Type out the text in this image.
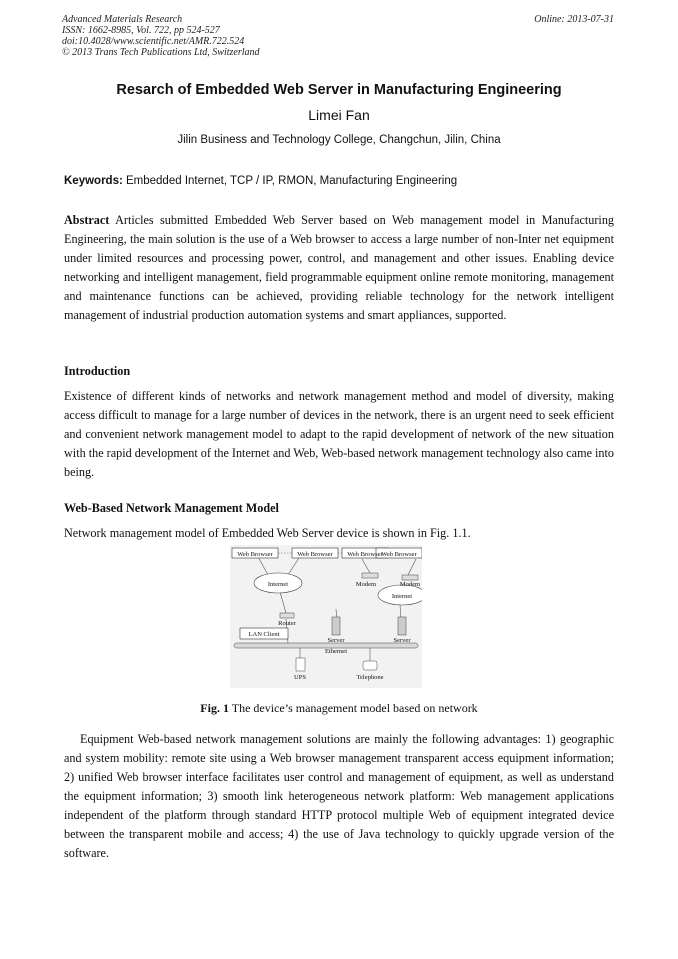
Advanced Materials Research
ISSN: 1662-8985, Vol. 722, pp 524-527
doi:10.4028/www.scientific.net/AMR.722.524
© 2013 Trans Tech Publications Ltd, Switzerland
Online: 2013-07-31
Resarch of Embedded Web Server in Manufacturing Engineering
Limei Fan
Jilin Business and Technology College, Changchun, Jilin, China
Keywords: Embedded Internet, TCP / IP, RMON, Manufacturing Engineering

Abstract Articles submitted Embedded Web Server based on Web management model in Manufacturing Engineering, the main solution is the use of a Web browser to access a large number of non-Inter net equipment under limited resources and processing power, control, and management and other issues. Enabling device networking and intelligent management, field programmable equipment online remote monitoring, management and maintenance functions can be achieved, providing reliable technology for the network intelligent management of industrial production automation systems and smart appliances, supported.

Introduction

Existence of different kinds of networks and network management method and model of diversity, making access difficult to manage for a large number of devices in the network, there is an urgent need to seek efficient and convenient network management model to adapt to the rapid development of network of the new situation with the rapid development of the Internet and Web, Web-based network management technology also came into being.

Web-Based Network Management Model

Network management model of Embedded Web Server device is shown in Fig. 1.1.

Web Browser	Web Browser Web Browser
Web Browser
Internet
Internet
Modem	Modem
Router
LAN Client
Server	Server
Ethernet
UPS	Telephone
Fig. 1 The device’s management model based on network

Equipment Web-based network management solutions are mainly the following advantages: 1) geographic and system mobility: remote site using a Web browser management transparent access equipment information; 2) unified Web browser interface facilitates user control and management of equipment, as well as understand the equipment information; 3) smooth link heterogeneous network platform: Web management applications independent of the platform through standard HTTP protocol multiple Web of equipment integrated device between the transparent mobile and access; 4) the use of Java technology to quickly upgrade version of the software.
